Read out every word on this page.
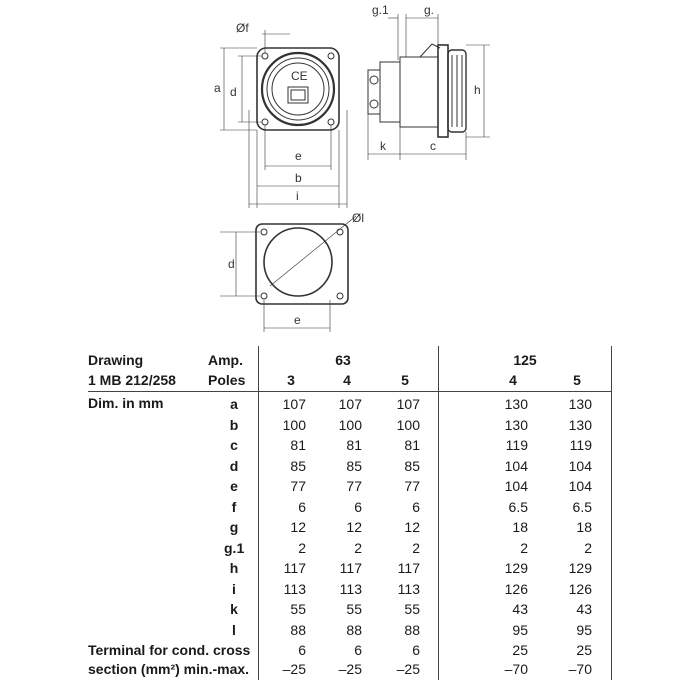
Øf
a d
e
b
i
CE
g.1	g.
k	c
h
Øl
d
e
Drawing
1 MB 212/258
Amp.
Poles
63	125
3	4	5	4	5
Dim. in mm	a	107	107	107	130	130
b	100	100	100	130	130
c	81	81	81	119	119
d	85	85	85	104	104
e	77	77	77	104	104
f	6	6	6	6.5	6.5
g	12	12	12	18	18
g.1	2	2	2	2	2
h	117	117	117	129	129
i	113	113	113	126	126
k	55	55	55	43	43
l	88	88	88	95	95
Terminal for cond. cross
section (mm²) min.-max.
6	6	6	25	25
–25	–25	–25	–70	–70
